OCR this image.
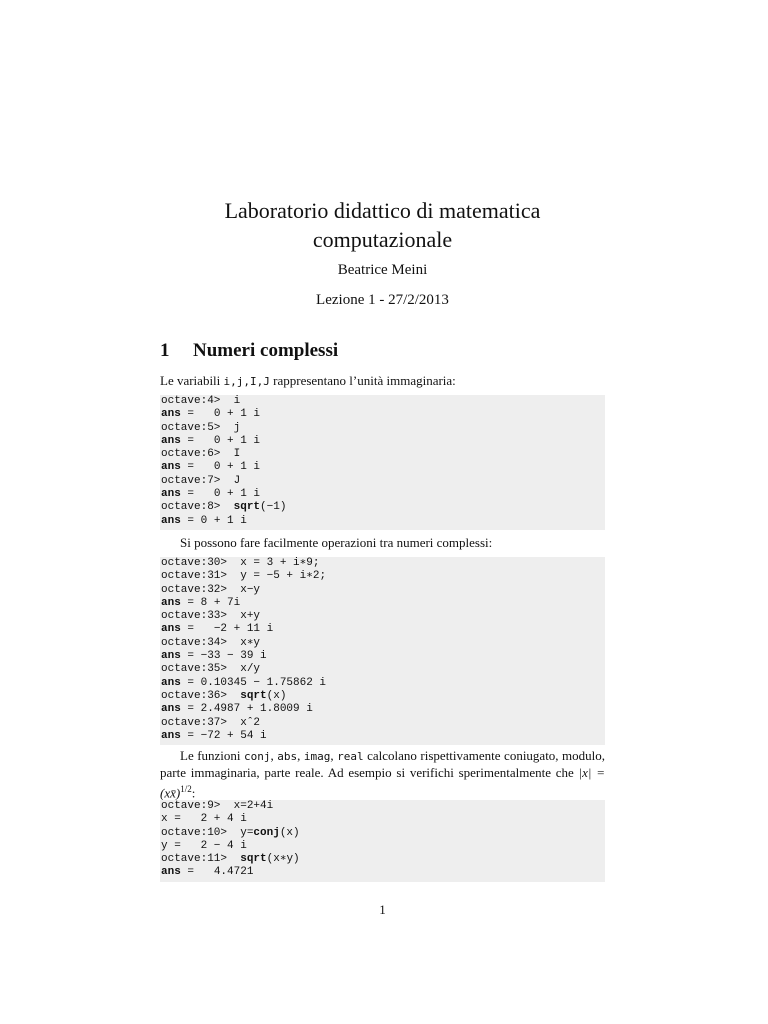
Laboratorio didattico di matematica
computazionale
Beatrice Meini
Lezione 1 - 27/2/2013
1 Numeri complessi
Le variabili i,j,I,J rappresentano l’unità immaginaria:
octave:4>  i
ans =   0 + 1 i
octave:5>  j
ans =   0 + 1 i
octave:6>  I
ans =   0 + 1 i
octave:7>  J
ans =   0 + 1 i
octave:8>  sqrt(−1)
ans = 0 + 1 i
Si possono fare facilmente operazioni tra numeri complessi:
octave:30>  x = 3 + i∗9;
octave:31>  y = −5 + i∗2;
octave:32>  x−y
ans = 8 + 7i
octave:33>  x+y
ans =   −2 + 11 i
octave:34>  x∗y
ans = −33 − 39 i
octave:35>  x/y
ans = 0.10345 − 1.75862 i
octave:36>  sqrt(x)
ans = 2.4987 + 1.8009 i
octave:37>  xˆ2
ans = −72 + 54 i
Le funzioni conj, abs, imag, real calcolano rispettivamente coniugato, modulo, parte immaginaria, parte reale. Ad esempio si verifichi sperimentalmente che |x| = (xx̄)$^{1/2}$:
octave:9>  x=2+4i
x =   2 + 4 i
octave:10>  y=conj(x)
y =   2 − 4 i
octave:11>  sqrt(x∗y)
ans =   4.4721
1
